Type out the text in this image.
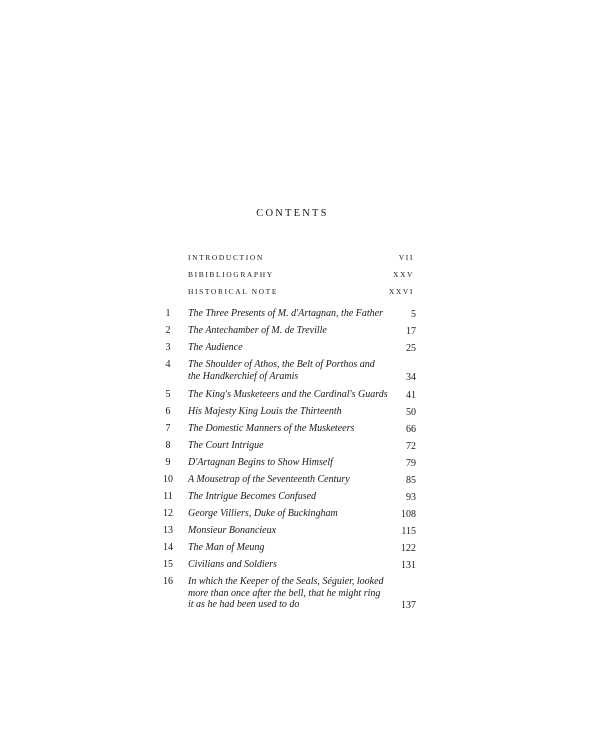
CONTENTS
INTRODUCTION	VII
BIBIBLIOGRAPHY	XXV
HISTORICAL NOTE	XXVI
1	The Three Presents of M. d'Artagnan, the Father	5
2	The Antechamber of M. de Treville	17
3	The Audience	25
4	The Shoulder of Athos, the Belt of Porthos and the Handkerchief of Aramis	34
5	The King's Musketeers and the Cardinal's Guards	41
6	His Majesty King Louis the Thirteenth	50
7	The Domestic Manners of the Musketeers	66
8	The Court Intrigue	72
9	D'Artagnan Begins to Show Himself	79
10	A Mousetrap of the Seventeenth Century	85
11	The Intrigue Becomes Confused	93
12	George Villiers, Duke of Buckingham	108
13	Monsieur Bonancieux	115
14	The Man of Meung	122
15	Civilians and Soldiers	131
16	In which the Keeper of the Seals, Séguier, looked more than once after the bell, that he might ring it as he had been used to do	137
